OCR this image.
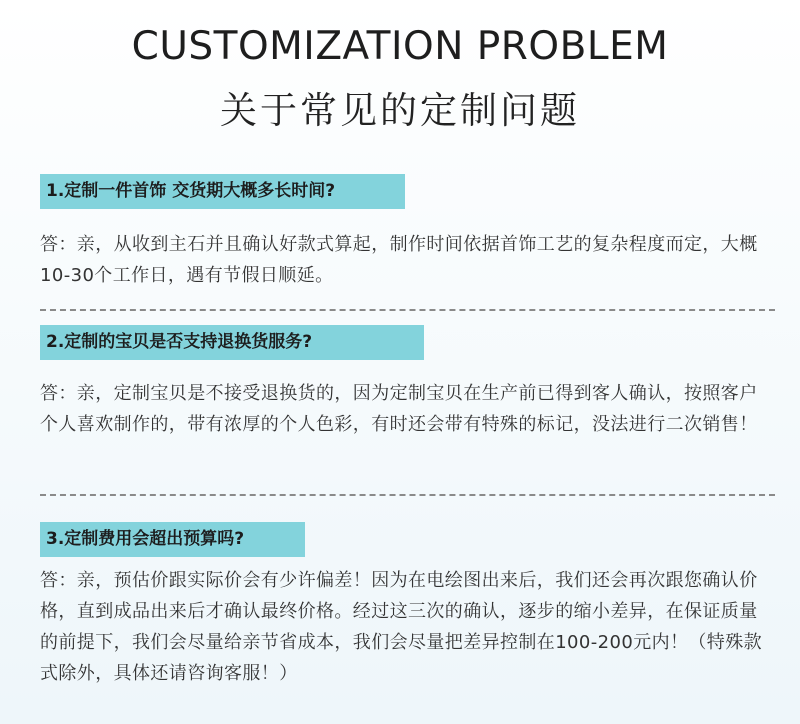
CUSTOMIZATION PROBLEM
关于常见的定制问题
1.定制一件首饰 交货期大概多长时间?
答：亲，从收到主石并且确认好款式算起，制作时间依据首饰工艺的复杂程度而定，大概10-30个工作日，遇有节假日顺延。
2.定制的宝贝是否支持退换货服务?
答：亲，定制宝贝是不接受退换货的，因为定制宝贝在生产前已得到客人确认，按照客户个人喜欢制作的，带有浓厚的个人色彩，有时还会带有特殊的标记，没法进行二次销售！
3.定制费用会超出预算吗?
答：亲，预估价跟实际价会有少许偏差！因为在电绘图出来后，我们还会再次跟您确认价格，直到成品出来后才确认最终价格。经过这三次的确认，逐步的缩小差异，在保证质量的前提下，我们会尽量给亲节省成本，我们会尽量把差异控制在100-200元内！（特殊款式除外，具体还请咨询客服！）
